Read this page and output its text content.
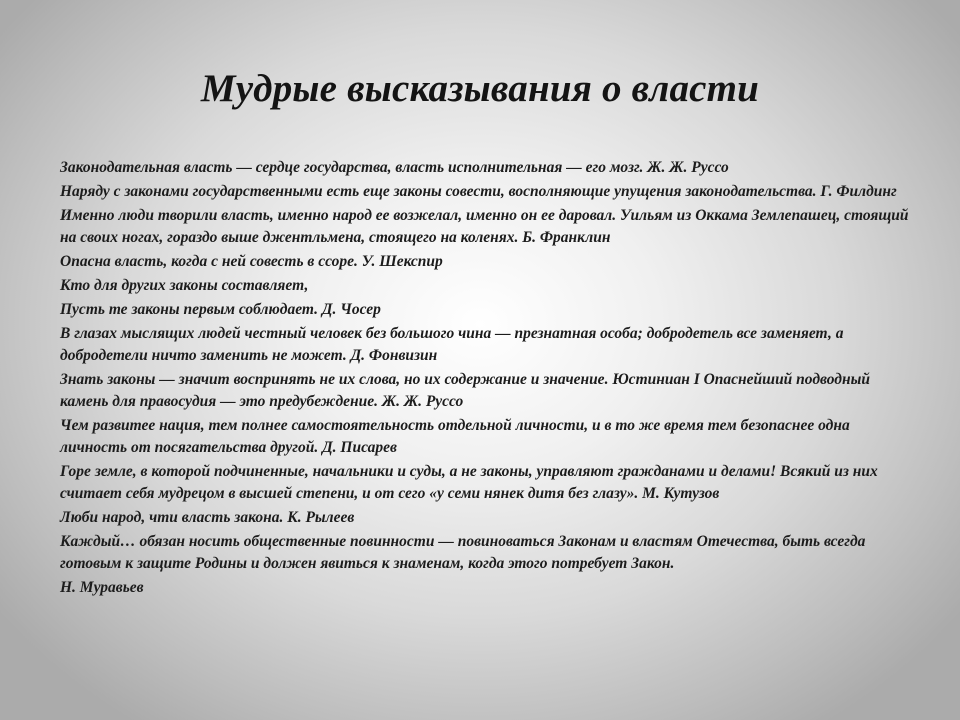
Мудрые высказывания о власти
Законодательная власть — сердце государства, власть исполнительная — его мозг. Ж. Ж. Руссо
Наряду с законами государственными есть еще законы совести, восполняющие упущения законодательства. Г. Филдинг
Именно люди творили власть, именно народ ее возжелал, именно он ее даровал. Уильям из Оккама Землепашец, стоящий на своих ногах, гораздо выше джентльмена, стоящего на коленях. Б. Франклин
Опасна власть, когда с ней совесть в ссоре. У. Шекспир
Кто для других законы составляет,
Пусть те законы первым соблюдает. Д. Чосер
В глазах мыслящих людей честный человек без большого чина — презнатная особа; добродетель все заменяет, а добродетели ничто заменить не может. Д. Фонвизин
Знать законы — значит воспринять не их слова, но их содержание и значение. Юстиниан I Опаснейший подводный камень для правосудия — это предубеждение. Ж. Ж. Руссо
Чем развитее нация, тем полнее самостоятельность отдельной личности, и в то же время тем безопаснее одна личность от посягательства другой. Д. Писарев
Горе земле, в которой подчиненные, начальники и суды, а не законы, управляют гражданами и делами! Всякий из них считает себя мудрецом в высшей степени, и от сего «у семи нянек дитя без глазу». М. Кутузов
Люби народ, чти власть закона. К. Рылеев
Каждый… обязан носить общественные повинности — повиноваться Законам и властям Отечества, быть всегда готовым к защите Родины и должен явиться к знаменам, когда этого потребует Закон.
Н. Муравьев
